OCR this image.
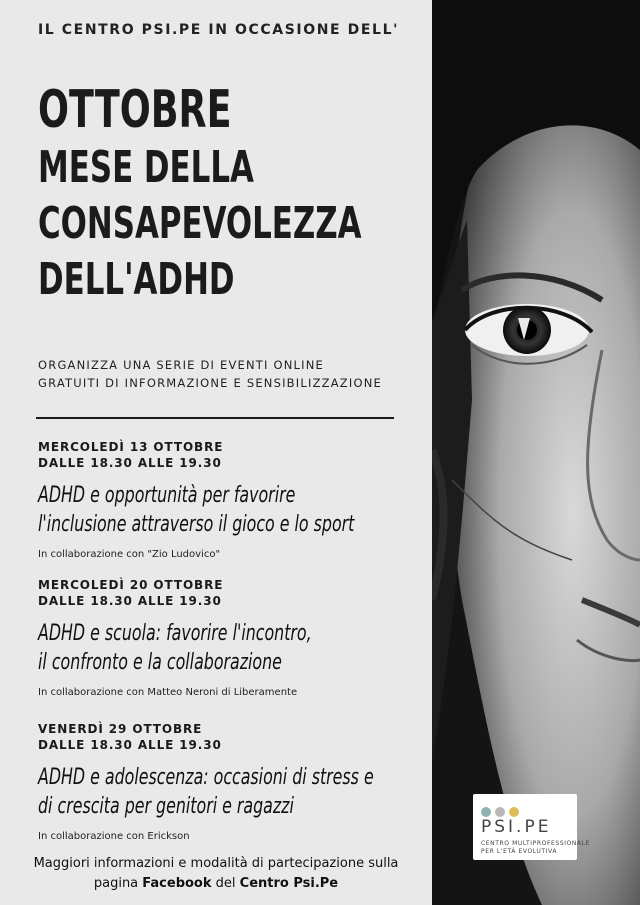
IL CENTRO PSI.PE IN OCCASIONE DELL'
OTTOBRE
MESE DELLA
CONSAPEVOLEZZA
DELL'ADHD
ORGANIZZA UNA SERIE DI EVENTI ONLINE
GRATUITI DI INFORMAZIONE E SENSIBILIZZAZIONE
MERCOLEDÌ 13 OTTOBRE
DALLE 18.30 ALLE 19.30
ADHD e opportunità per favorire
l'inclusione attraverso il gioco e lo sport
In collaborazione con "Zio Ludovico"
MERCOLEDÌ 20 OTTOBRE
DALLE 18.30 ALLE 19.30
ADHD e scuola: favorire l'incontro,
il confronto e la collaborazione
In collaborazione con Matteo Neroni di Liberamente
VENERDÌ 29 OTTOBRE
DALLE 18.30 ALLE 19.30
ADHD e adolescenza: occasioni di stress e
di crescita per genitori e ragazzi
In collaborazione con Erickson
Maggiori informazioni e modalità di partecipazione sulla
pagina Facebook del Centro Psi.Pe
PSI.PE
CENTRO MULTIPROFESSIONALE
PER L'ETÀ EVOLUTIVA
